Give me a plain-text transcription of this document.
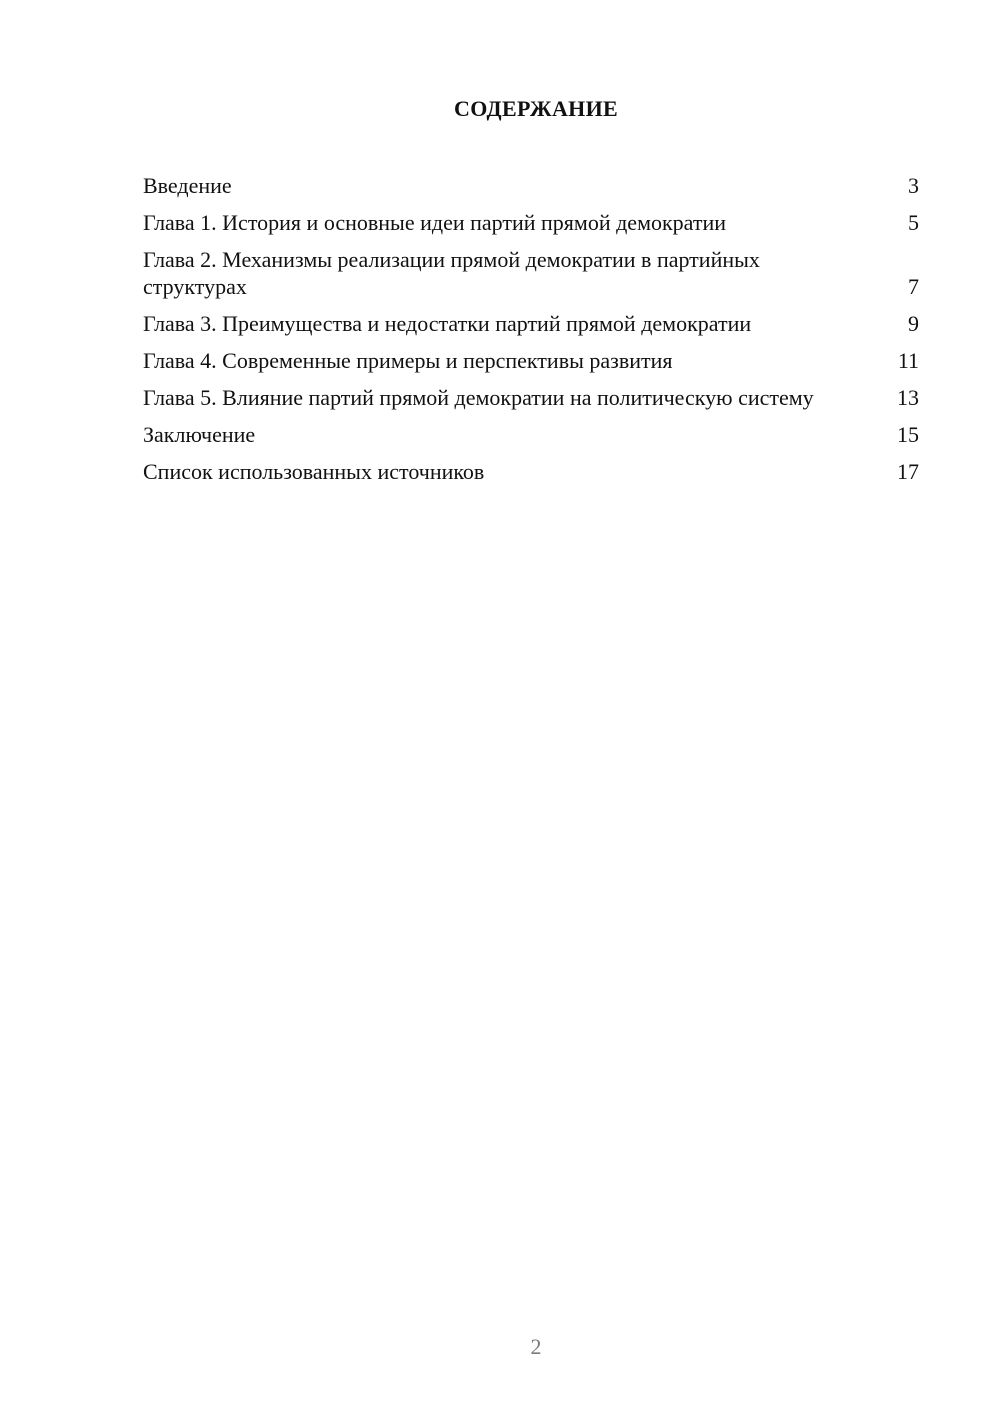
СОДЕРЖАНИЕ
Введение	3
Глава 1. История и основные идеи партий прямой демократии	5
Глава 2. Механизмы реализации прямой демократии в партийных структурах	7
Глава 3. Преимущества и недостатки партий прямой демократии	9
Глава 4. Современные примеры и перспективы развития	11
Глава 5. Влияние партий прямой демократии на политическую систему	13
Заключение	15
Список использованных источников	17
2
